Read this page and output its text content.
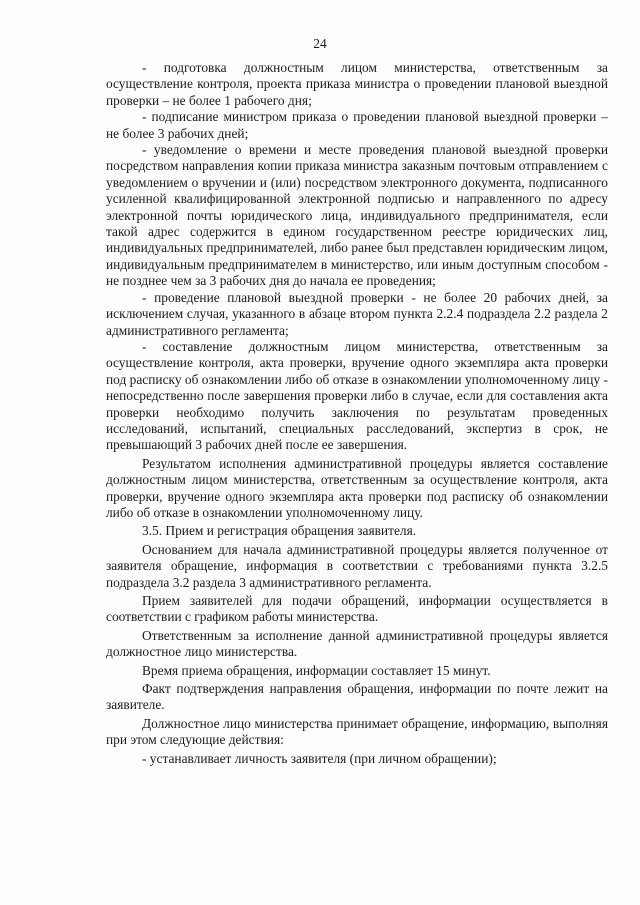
24

- подготовка должностным лицом министерства, ответственным за осуществление контроля, проекта приказа министра о проведении плановой выездной проверки – не более 1 рабочего дня;

- подписание министром приказа о проведении плановой выездной проверки – не более 3 рабочих дней;

- уведомление о времени и месте проведения плановой выездной проверки посредством направления копии приказа министра заказным почтовым отправлением с уведомлением о вручении и (или) посредством электронного документа, подписанного усиленной квалифицированной электронной подписью и направленного по адресу электронной почты юридического лица, индивидуального предпринимателя, если такой адрес содержится в едином государственном реестре юридических лиц, индивидуальных предпринимателей, либо ранее был представлен юридическим лицом, индивидуальным предпринимателем в министерство, или иным доступным способом - не позднее чем за 3 рабочих дня до начала ее проведения;

- проведение плановой выездной проверки - не более 20 рабочих дней, за исключением случая, указанного в абзаце втором пункта 2.2.4 подраздела 2.2 раздела 2 административного регламента;

- составление должностным лицом министерства, ответственным за осуществление контроля, акта проверки, вручение одного экземпляра акта проверки под расписку об ознакомлении либо об отказе в ознакомлении уполномоченному лицу - непосредственно после завершения проверки либо в случае, если для составления акта проверки необходимо получить заключения по результатам проведенных исследований, испытаний, специальных расследований, экспертиз в срок, не превышающий 3 рабочих дней после ее завершения.

Результатом исполнения административной процедуры является составление должностным лицом министерства, ответственным за осуществление контроля, акта проверки, вручение одного экземпляра акта проверки под расписку об ознакомлении либо об отказе в ознакомлении уполномоченному лицу.

3.5. Прием и регистрация обращения заявителя.

Основанием для начала административной процедуры является полученное от заявителя обращение, информация в соответствии с требованиями пункта 3.2.5 подраздела 3.2 раздела 3 административного регламента.

Прием заявителей для подачи обращений, информации осуществляется в соответствии с графиком работы министерства.

Ответственным за исполнение данной административной процедуры является должностное лицо министерства.

Время приема обращения, информации составляет 15 минут.

Факт подтверждения направления обращения, информации по почте лежит на заявителе.

Должностное лицо министерства принимает обращение, информацию, выполняя при этом следующие действия:

- устанавливает личность заявителя (при личном обращении);
